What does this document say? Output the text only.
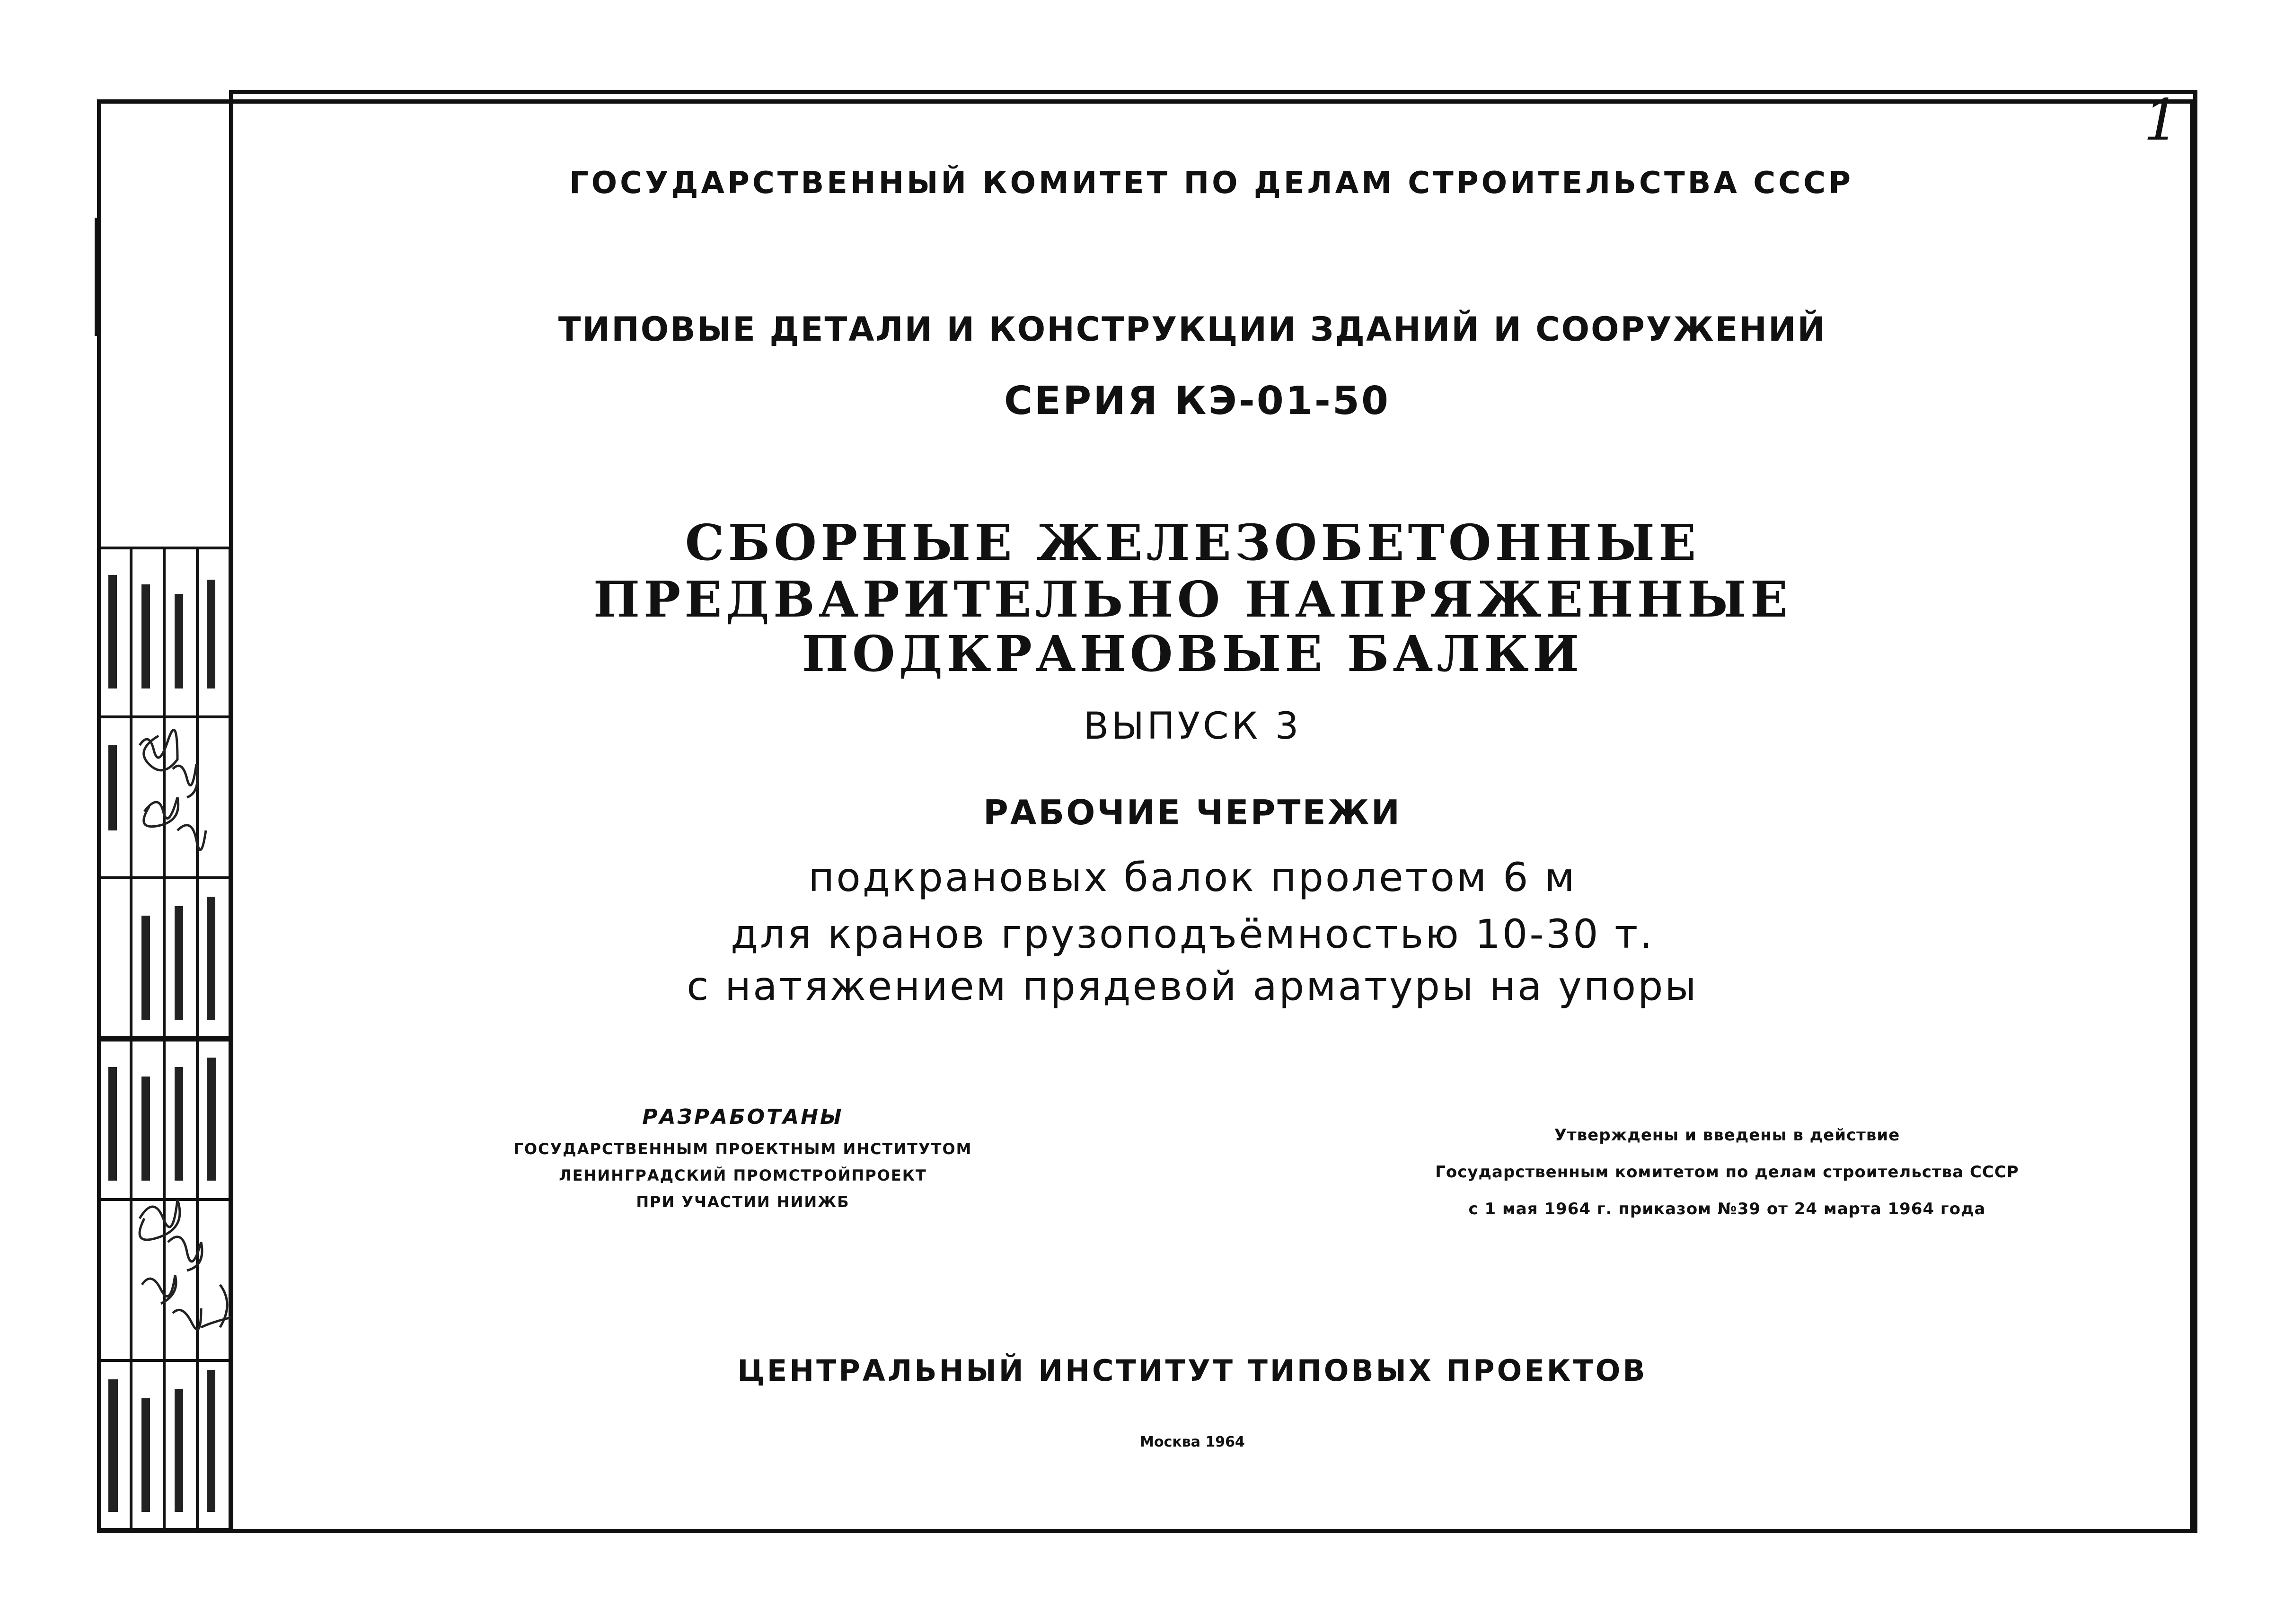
1
ГОСУДАРСТВЕННЫЙ КОМИТЕТ ПО ДЕЛАМ СТРОИТЕЛЬСТВА СССР
ТИПОВЫЕ ДЕТАЛИ И КОНСТРУКЦИИ ЗДАНИЙ И СООРУЖЕНИЙ
СЕРИЯ КЭ-01-50
СБОРНЫЕ ЖЕЛЕЗОБЕТОННЫЕ
ПРЕДВАРИТЕЛЬНО НАПРЯЖЕННЫЕ
ПОДКРАНОВЫЕ БАЛКИ
ВЫПУСК 3
РАБОЧИЕ ЧЕРТЕЖИ
подкрановых балок пролетом 6 м
для кранов грузоподъёмностью 10-30 т.
с натяжением прядевой арматуры на упоры
РАЗРАБОТАНЫ
ГОСУДАРСТВЕННЫМ ПРОЕКТНЫМ ИНСТИТУТОМ
ЛЕНИНГРАДСКИЙ ПРОМСТРОЙПРОЕКТ
ПРИ УЧАСТИИ НИИЖБ
Утверждены и введены в действие
Государственным комитетом по делам строительства СССР
с 1 мая 1964 г. приказом №39 от 24 марта 1964 года
ЦЕНТРАЛЬНЫЙ ИНСТИТУТ ТИПОВЫХ ПРОЕКТОВ
Москва 1964
